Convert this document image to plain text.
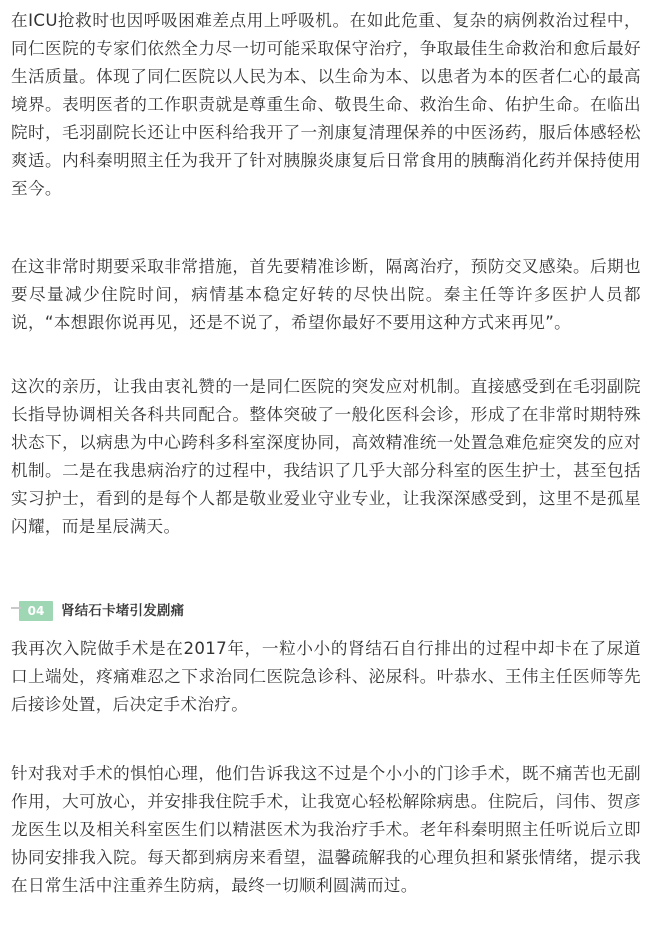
在ICU抢救时也因呼吸困难差点用上呼吸机。在如此危重、复杂的病例救治过程中，同仁医院的专家们依然全力尽一切可能采取保守治疗，争取最佳生命救治和愈后最好生活质量。体现了同仁医院以人民为本、以生命为本、以患者为本的医者仁心的最高境界。表明医者的工作职责就是尊重生命、敬畏生命、救治生命、佑护生命。在临出院时，毛羽副院长还让中医科给我开了一剂康复清理保养的中医汤药，服后体感轻松爽适。内科秦明照主任为我开了针对胰腺炎康复后日常食用的胰酶消化药并保持使用至今。

在这非常时期要采取非常措施，首先要精准诊断，隔离治疗，预防交叉感染。后期也要尽量减少住院时间，病情基本稳定好转的尽快出院。秦主任等许多医护人员都说，“本想跟你说再见，还是不说了，希望你最好不要用这种方式来再见”。

这次的亲历，让我由衷礼赞的一是同仁医院的突发应对机制。直接感受到在毛羽副院长指导协调相关各科共同配合。整体突破了一般化医科会诊，形成了在非常时期特殊状态下，以病患为中心跨科多科室深度协同，高效精准统一处置急难危症突发的应对机制。二是在我患病治疗的过程中，我结识了几乎大部分科室的医生护士，甚至包括实习护士，看到的是每个人都是敬业爱业守业专业，让我深深感受到，这里不是孤星闪耀，而是星辰满天。

04	肾结石卡堵引发剧痛

我再次入院做手术是在2017年，一粒小小的肾结石自行排出的过程中却卡在了尿道口上端处，疼痛难忍之下求治同仁医院急诊科、泌尿科。叶恭水、王伟主任医师等先后接诊处置，后决定手术治疗。

针对我对手术的惧怕心理，他们告诉我这不过是个小小的门诊手术，既不痛苦也无副作用，大可放心，并安排我住院手术，让我宽心轻松解除病患。住院后，闫伟、贺彦龙医生以及相关科室医生们以精湛医术为我治疗手术。老年科秦明照主任听说后立即协同安排我入院。每天都到病房来看望，温馨疏解我的心理负担和紧张情绪，提示我在日常生活中注重养生防病，最终一切顺利圆满而过。
